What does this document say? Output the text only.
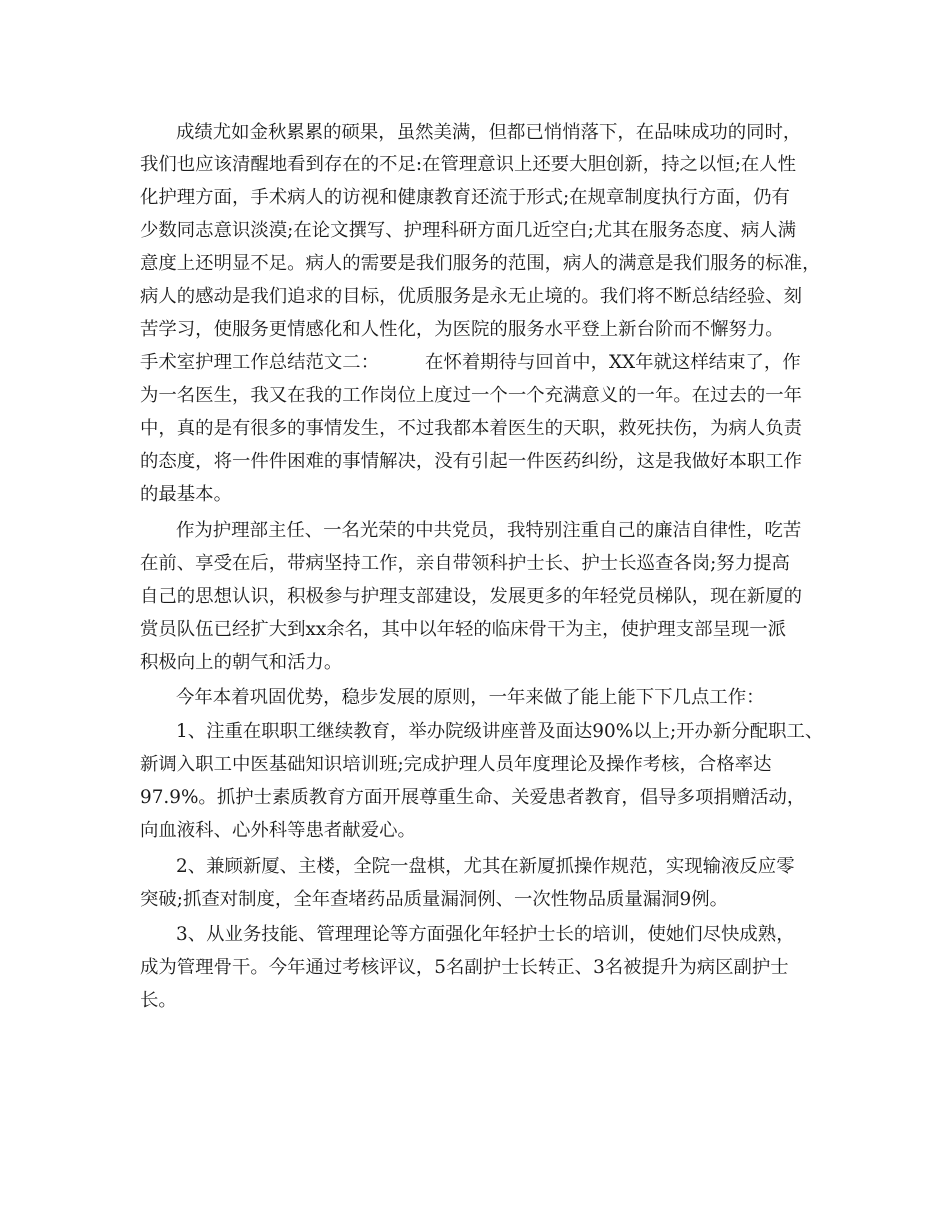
成绩尤如金秋累累的硕果，虽然美满，但都已悄悄落下，在品味成功的同时，
我们也应该清醒地看到存在的不足:在管理意识上还要大胆创新，持之以恒;在人性
化护理方面，手术病人的访视和健康教育还流于形式;在规章制度执行方面，仍有
少数同志意识淡漠;在论文撰写、护理科研方面几近空白;尤其在服务态度、病人满
意度上还明显不足。病人的需要是我们服务的范围，病人的满意是我们服务的标准，
病人的感动是我们追求的目标，优质服务是永无止境的。我们将不断总结经验、刻
苦学习，使服务更情感化和人性化，为医院的服务水平登上新台阶而不懈努力。
手术室护理工作总结范文二：　　　在怀着期待与回首中，XX年就这样结束了，作
为一名医生，我又在我的工作岗位上度过一个一个充满意义的一年。在过去的一年
中，真的是有很多的事情发生，不过我都本着医生的天职，救死扶伤，为病人负责
的态度，将一件件困难的事情解决，没有引起一件医药纠纷，这是我做好本职工作
的最基本。
作为护理部主任、一名光荣的中共党员，我特别注重自己的廉洁自律性，吃苦
在前、享受在后，带病坚持工作，亲自带领科护士长、护士长巡查各岗;努力提高
自己的思想认识，积极参与护理支部建设，发展更多的年轻党员梯队，现在新厦的
赏员队伍已经扩大到xx余名，其中以年轻的临床骨干为主，使护理支部呈现一派
积极向上的朝气和活力。
今年本着巩固优势，稳步发展的原则，一年来做了能上能下下几点工作：
1、注重在职职工继续教育，举办院级讲座普及面达90%以上;开办新分配职工、
新调入职工中医基础知识培训班;完成护理人员年度理论及操作考核，合格率达
97.9%。抓护士素质教育方面开展尊重生命、关爱患者教育，倡导多项捐赠活动，
向血液科、心外科等患者献爱心。
2、兼顾新厦、主楼，全院一盘棋，尤其在新厦抓操作规范，实现输液反应零
突破;抓查对制度，全年查堵药品质量漏洞例、一次性物品质量漏洞9例。
3、从业务技能、管理理论等方面强化年轻护士长的培训，使她们尽快成熟，
成为管理骨干。今年通过考核评议，5名副护士长转正、3名被提升为病区副护士
长。
